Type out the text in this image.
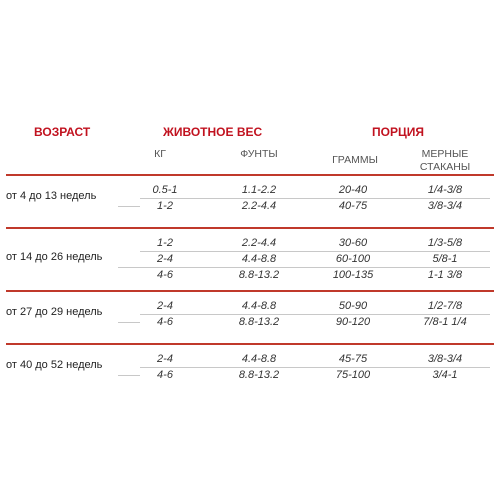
ВОЗРАСТ	ЖИВОТНОЕ ВЕС	ПОРЦИЯ
КГ	ФУНТЫ	ГРАММЫ	МЕРНЫЕ
СТАКАНЫ
от 4 до 13 недель	0.5-1	1.1-2.2	20-40	1/4-3/8
1-2	2.2-4.4	40-75	3/8-3/4
от 14 до 26 недель
1-2	2.2-4.4	30-60	1/3-5/8
2-4	4.4-8.8	60-100	5/8-1
4-6	8.8-13.2	100-135	1-1 3/8
от 27 до 29 недель	2-4	4.4-8.8	50-90	1/2-7/8
4-6	8.8-13.2	90-120	7/8-1 1/4
от 40 до 52 недель	2-4	4.4-8.8	45-75	3/8-3/4
4-6	8.8-13.2	75-100	3/4-1
